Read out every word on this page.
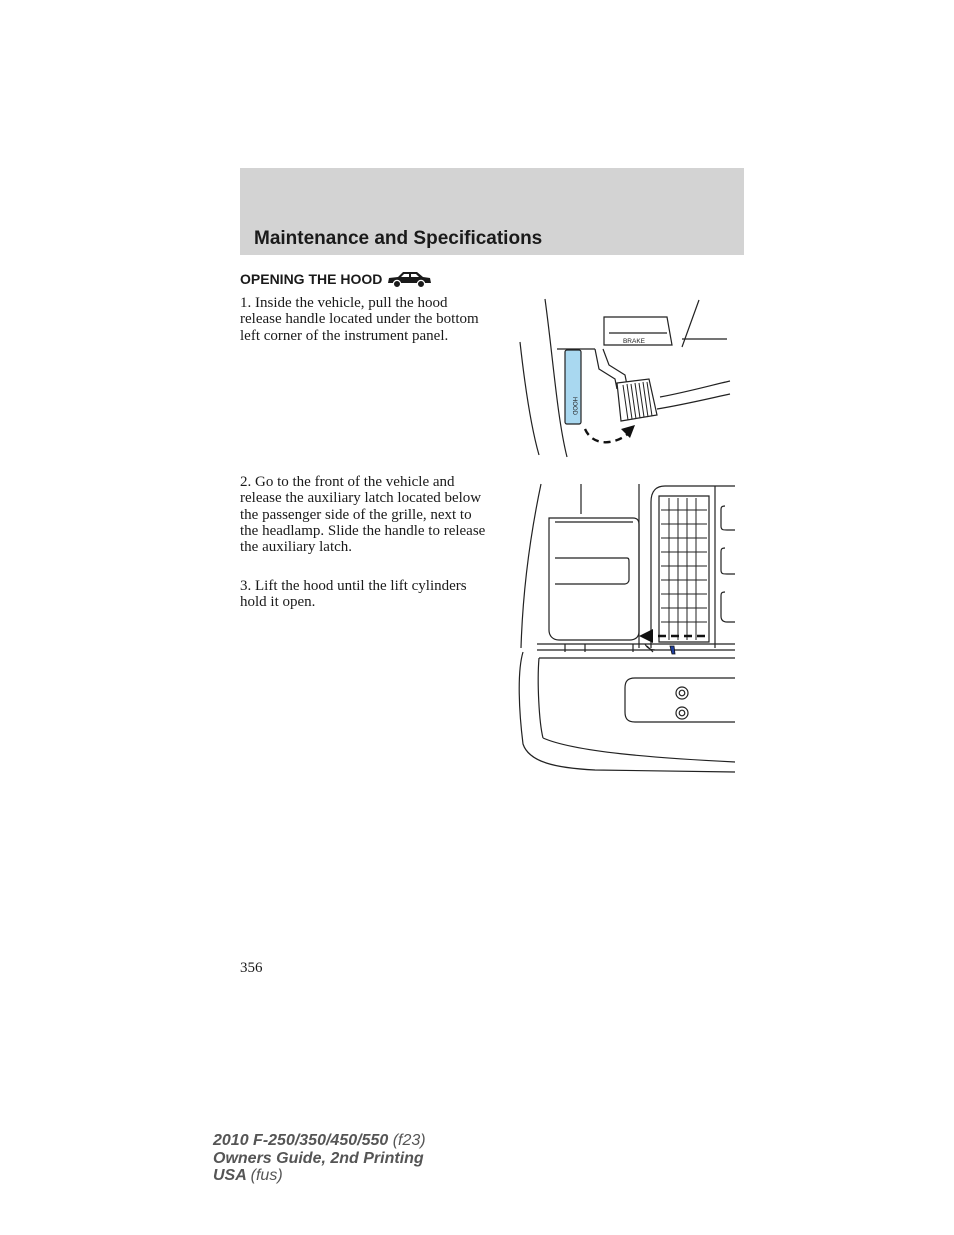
Maintenance and Specifications
OPENING THE HOOD

1. Inside the vehicle, pull the hood release handle located under the bottom left corner of the instrument panel.

2. Go to the front of the vehicle and release the auxiliary latch located below the passenger side of the grille, next to the headlamp. Slide the handle to release the auxiliary latch.

3. Lift the hood until the lift cylinders hold it open.

HOOD
BRAKE
356
2010 F-250/350/450/550 (f23)
Owners Guide, 2nd Printing
USA (fus)
